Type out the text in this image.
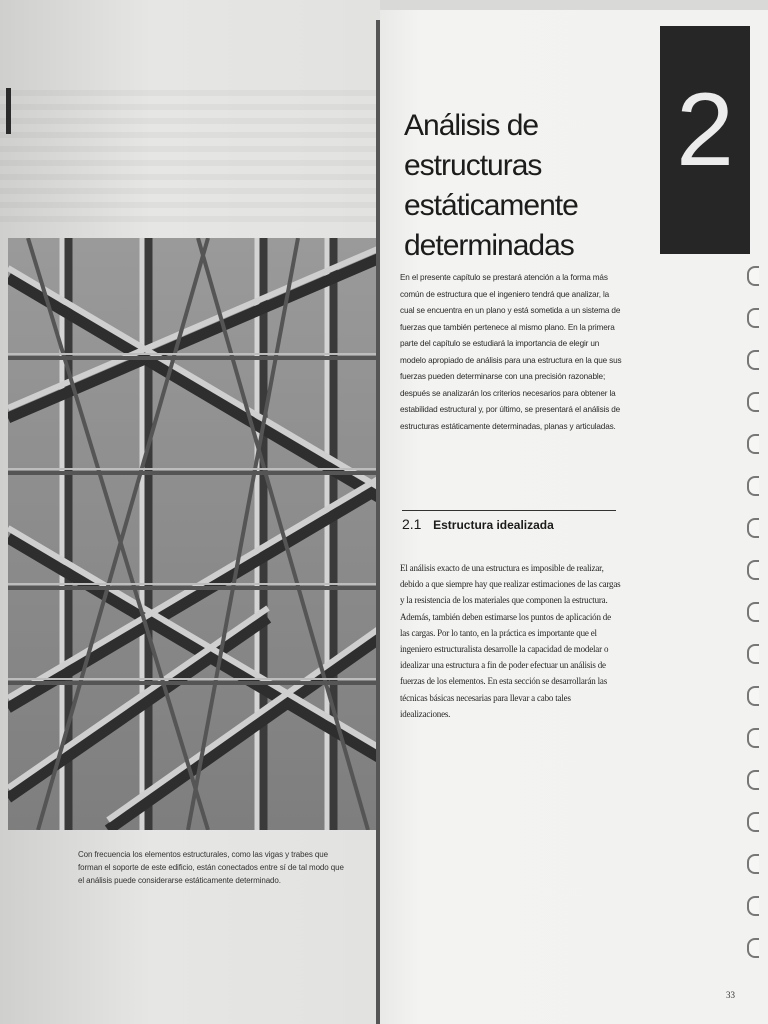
Con frecuencia los elementos estructurales, como las vigas y trabes que forman el soporte de este edificio, están conectados entre sí de tal modo que el análisis puede considerarse estáticamente determinado.
2
Análisis de estructuras
estáticamente
determinadas
En el presente capítulo se prestará atención a la forma más común de estructura que el ingeniero tendrá que analizar, la cual se encuentra en un plano y está sometida a un sistema de fuerzas que también pertenece al mismo plano. En la primera parte del capítulo se estudiará la importancia de elegir un modelo apropiado de análisis para una estructura en la que sus fuerzas pueden determinarse con una precisión razonable; después se analizarán los criterios necesarios para obtener la estabilidad estructural y, por último, se presentará el análisis de estructuras estáticamente determinadas, planas y articuladas.
2.1 Estructura idealizada
El análisis exacto de una estructura es imposible de realizar, debido a que siempre hay que realizar estimaciones de las cargas y la resistencia de los materiales que componen la estructura. Además, también deben estimarse los puntos de aplicación de las cargas. Por lo tanto, en la práctica es importante que el ingeniero estructuralista desarrolle la capacidad de modelar o idealizar una estructura a fin de poder efectuar un análisis de fuerzas de los elementos. En esta sección se desarrollarán las técnicas básicas necesarias para llevar a cabo tales idealizaciones.
33
